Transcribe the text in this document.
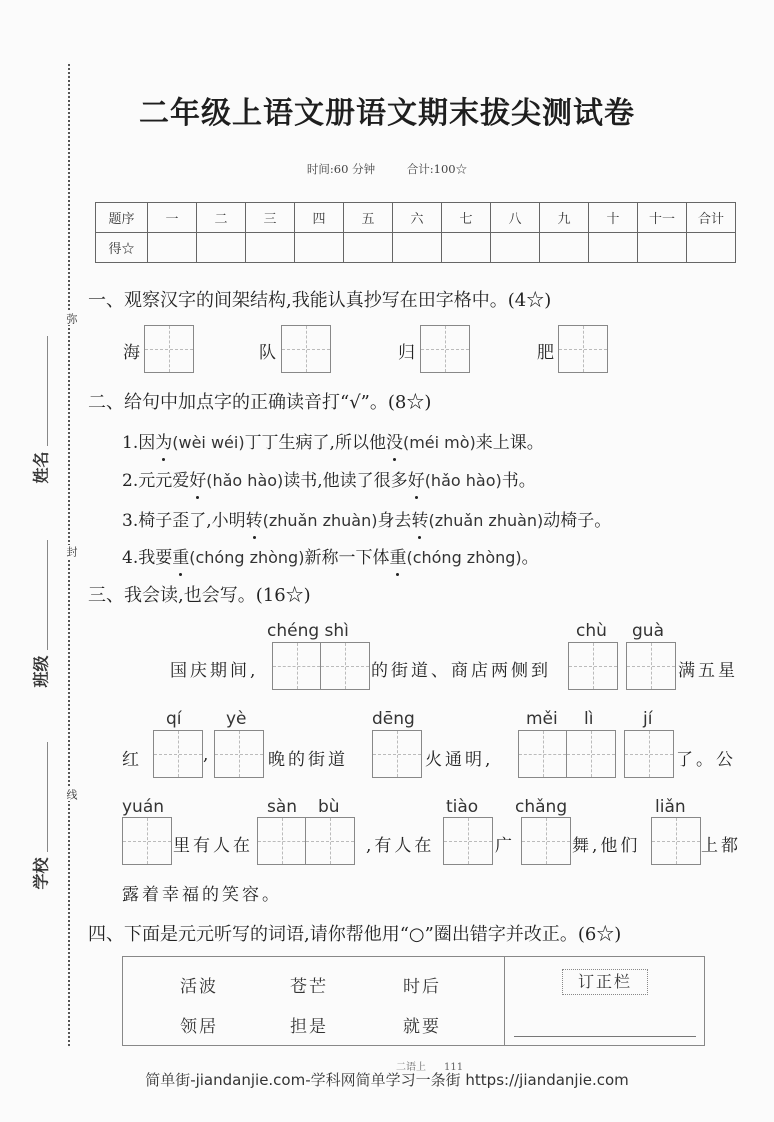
弥
封
线
姓名
班级
学校
二年级上语文册语文期末拔尖测试卷
时间:60 分钟	合计:100☆
题序	一	二	三	四	五	六	七	八	九	十	十一	合计
得☆												
一、观察汉字的间架结构,我能认真抄写在田字格中。(4☆)
海	队	归	肥
二、给句中加点字的正确读音打“√”。(8☆)
1.因为(wèi wéi)丁丁生病了,所以他没(méi mò)来上课。
2.元元爱好(hǎo hào)读书,他读了很多好(hǎo hào)书。
3.椅子歪了,小明转(zhuǎn zhuàn)身去转(zhuǎn zhuàn)动椅子。
4.我要重(chóng zhòng)新称一下体重(chóng zhòng)。
三、我会读,也会写。(16☆)
chéng shì	chù guà
国庆期间,	的街道、商店两侧到	满五星
qí	yè	dēng	měi lì	jí
红	,	晚的街道	火通明,	了。公
yuán	sàn bù	tiào chǎng	liǎn
里有人在	,有人在	广	舞,他们	上都
露着幸福的笑容。
四、下面是元元听写的词语,请你帮他用“○”圈出错字并改正。(6☆)
活波	苍芒	时后
领居	担是	就要
订正栏
二语上 111
简单街-jiandanjie.com-学科网简单学习一条街 https://jiandanjie.com
